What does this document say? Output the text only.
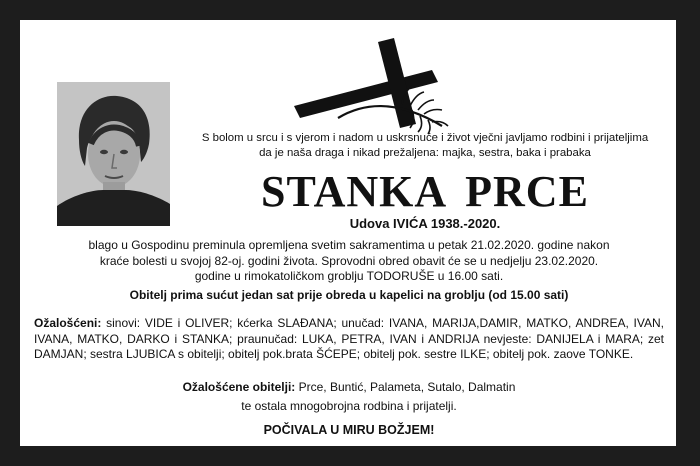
S bolom u srcu i s vjerom i nadom u uskrsnuće i život vječni javljamo rodbini i prijateljima da je naša draga i nikad prežaljena: majka, sestra, baka i prabaka
STANKA PRCE
Udova IVIĆA 1938.-2020.
blago u Gospodinu preminula opremljena svetim sakramentima u petak 21.02.2020. godine nakon
kraće bolesti u svojoj 82-oj. godini života. Sprovodni obred obavit će se u nedjelju 23.02.2020.
godine u rimokatoličkom groblju TODORUŠE u 16.00 sati.
Obitelj prima sućut jedan sat prije obreda u kapelici na groblju (od 15.00 sati)
Ožalošćeni: sinovi: VIDE i OLIVER; kćerka SLAĐANA; unučad: IVANA, MARIJA,DAMIR, MATKO, ANDREA, IVAN, IVANA, MATKO, DARKO i STANKA; praunučad: LUKA, PETRA, IVAN i ANDRIJA nevjeste: DANIJELA i MARA; zet DAMJAN; sestra LJUBICA s obitelji; obitelj pok.brata ŠĆEPE; obitelj pok. sestre ILKE; obitelj pok. zaove TONKE.
Ožalošćene obitelji: Prce, Buntić, Palameta, Sutalo, Dalmatin
te ostala mnogobrojna rodbina i prijatelji.
POČIVALA U MIRU BOŽJEM!
